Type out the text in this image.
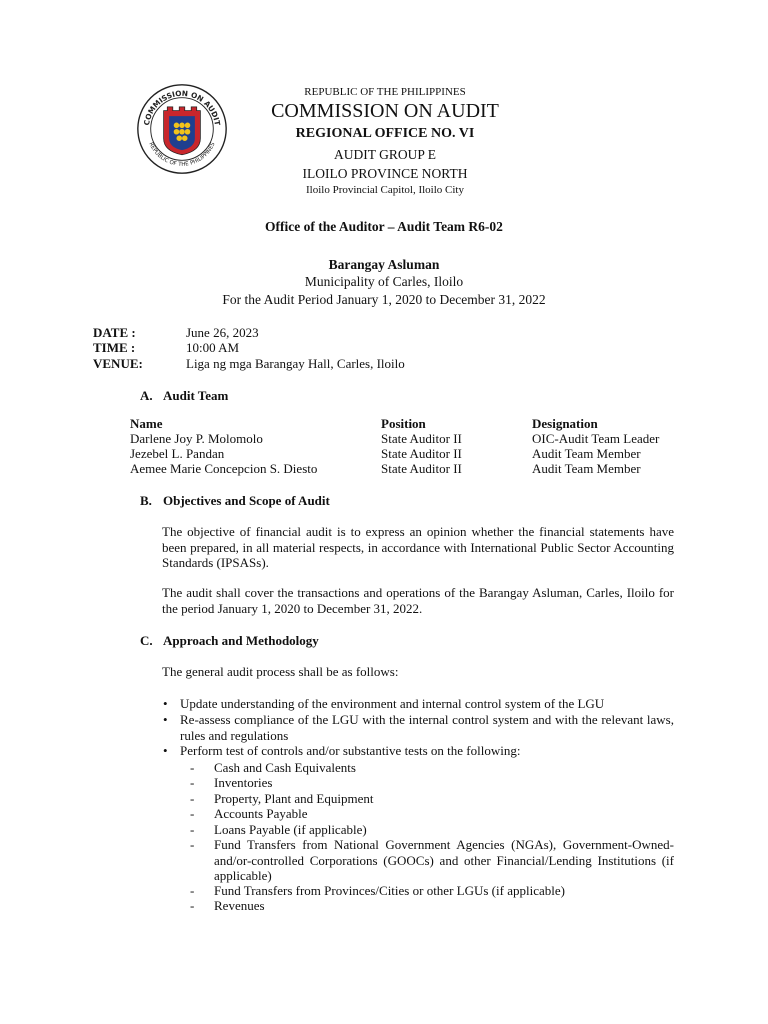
COMMISSION ON AUDIT
REPUBLIC OF THE PHILIPPINES
REPUBLIC OF THE PHILIPPINES
COMMISSION ON AUDIT
REGIONAL OFFICE NO. VI
AUDIT GROUP E
ILOILO PROVINCE NORTH
Iloilo Provincial Capitol, Iloilo City
Office of the Auditor – Audit Team R6-02
Barangay Asluman
Municipality of Carles, Iloilo
For the Audit Period January 1, 2020 to December 31, 2022
DATE :	June 26, 2023
TIME :	10:00 AM
VENUE:	Liga ng mga Barangay Hall, Carles, Iloilo
A. Audit Team
Name	Position	Designation
Darlene Joy P. Molomolo	State Auditor II	OIC-Audit Team Leader
Jezebel L. Pandan	State Auditor II	Audit Team Member
Aemee Marie Concepcion S. Diesto	State Auditor II	Audit Team Member
B. Objectives and Scope of Audit
The objective of financial audit is to express an opinion whether the financial statements have been prepared, in all material respects, in accordance with International Public Sector Accounting Standards (IPSASs).
The audit shall cover the transactions and operations of the Barangay Asluman, Carles, Iloilo for the period January 1, 2020 to December 31, 2022.
C. Approach and Methodology
The general audit process shall be as follows:
• Update understanding of the environment and internal control system of the LGU
• Re-assess compliance of the LGU with the internal control system and with the relevant laws, rules and regulations
• Perform test of controls and/or substantive tests on the following:
- Cash and Cash Equivalents
- Inventories
- Property, Plant and Equipment
- Accounts Payable
- Loans Payable (if applicable)
- Fund Transfers from National Government Agencies (NGAs), Government-Owned-and/or-controlled Corporations (GOOCs) and other Financial/Lending Institutions (if applicable)
- Fund Transfers from Provinces/Cities or other LGUs (if applicable)
- Revenues
